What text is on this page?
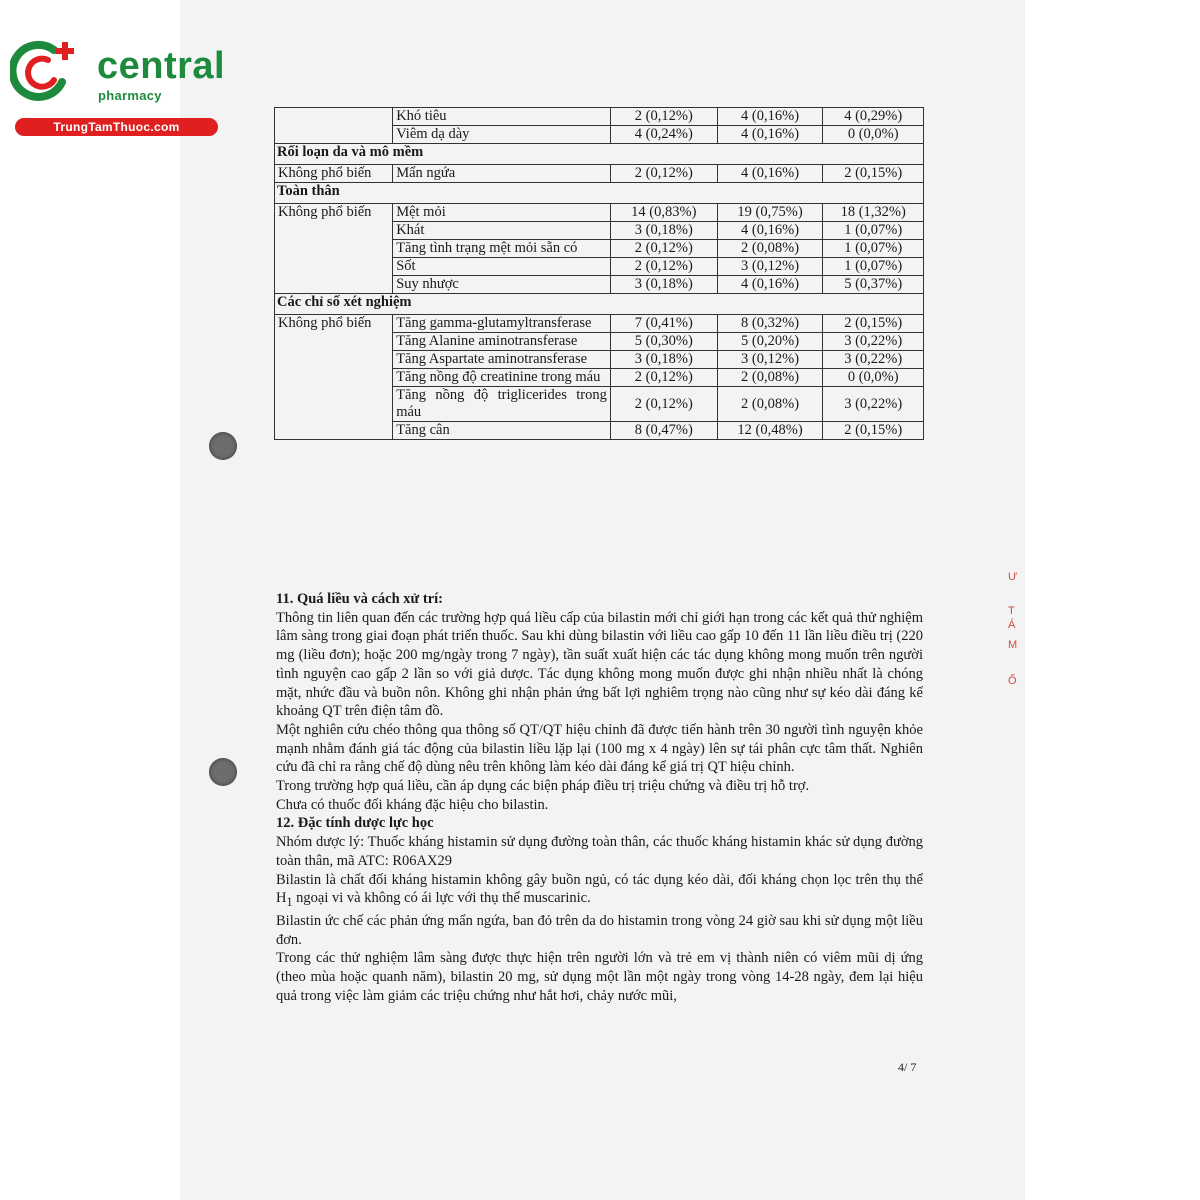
central
pharmacy
TrungTamThuoc.com
	Khó tiêu	2 (0,12%)	4 (0,16%)	4 (0,29%)
	Viêm dạ dày	4 (0,24%)	4 (0,16%)	0 (0,0%)
Rối loạn da và mô mềm				
Không phổ biến	Mẩn ngứa	2 (0,12%)	4 (0,16%)	2 (0,15%)
Toàn thân				
Không phổ biến	Mệt mỏi	14 (0,83%)	19 (0,75%)	18 (1,32%)
	Khát	3 (0,18%)	4 (0,16%)	1 (0,07%)
	Tăng tình trạng mệt mỏi sẵn có	2 (0,12%)	2 (0,08%)	1 (0,07%)
	Sốt	2 (0,12%)	3 (0,12%)	1 (0,07%)
	Suy nhược	3 (0,18%)	4 (0,16%)	5 (0,37%)
Các chỉ số xét nghiệm				
Không phổ biến	Tăng gamma-glutamyltransferase	7 (0,41%)	8 (0,32%)	2 (0,15%)
	Tăng Alanine aminotransferase	5 (0,30%)	5 (0,20%)	3 (0,22%)
	Tăng Aspartate aminotransferase	3 (0,18%)	3 (0,12%)	3 (0,22%)
	Tăng nồng độ creatinine trong máu	2 (0,12%)	2 (0,08%)	0 (0,0%)
	Tăng nồng độ triglicerides trong máu	2 (0,12%)	2 (0,08%)	3 (0,22%)
	Tăng cân	8 (0,47%)	12 (0,48%)	2 (0,15%)

11. Quá liều và cách xử trí:

Thông tin liên quan đến các trường hợp quá liều cấp của bilastin mới chỉ giới hạn trong các kết quả thử nghiệm lâm sàng trong giai đoạn phát triển thuốc. Sau khi dùng bilastin với liều cao gấp 10 đến 11 lần liều điều trị (220 mg (liều đơn); hoặc 200 mg/ngày trong 7 ngày), tần suất xuất hiện các tác dụng không mong muốn trên người tình nguyện cao gấp 2 lần so với giả dược. Tác dụng không mong muốn được ghi nhận nhiều nhất là chóng mặt, nhức đầu và buồn nôn. Không ghi nhận phản ứng bất lợi nghiêm trọng nào cũng như sự kéo dài đáng kể khoảng QT trên điện tâm đồ.

Một nghiên cứu chéo thông qua thông số QT/QT hiệu chỉnh đã được tiến hành trên 30 người tình nguyện khỏe mạnh nhằm đánh giá tác động của bilastin liều lặp lại (100 mg x 4 ngày) lên sự tái phân cực tâm thất. Nghiên cứu đã chỉ ra rằng chế độ dùng nêu trên không làm kéo dài đáng kể giá trị QT hiệu chỉnh.

Trong trường hợp quá liều, cần áp dụng các biện pháp điều trị triệu chứng và điều trị hỗ trợ.

Chưa có thuốc đối kháng đặc hiệu cho bilastin.

12. Đặc tính dược lực học

Nhóm dược lý: Thuốc kháng histamin sử dụng đường toàn thân, các thuốc kháng histamin khác sử dụng đường toàn thân, mã ATC: R06AX29

Bilastin là chất đối kháng histamin không gây buồn ngủ, có tác dụng kéo dài, đối kháng chọn lọc trên thụ thể $H_1$ ngoại vi và không có ái lực với thụ thể muscarinic.

Bilastin ức chế các phản ứng mẩn ngứa, ban đỏ trên da do histamin trong vòng 24 giờ sau khi sử dụng một liều đơn.

Trong các thử nghiệm lâm sàng được thực hiện trên người lớn và trẻ em vị thành niên có viêm mũi dị ứng (theo mùa hoặc quanh năm), bilastin 20 mg, sử dụng một lần một ngày trong vòng 14-28 ngày, đem lại hiệu quả trong việc làm giảm các triệu chứng như hắt hơi, chảy nước mũi,

4/ 7
Ư
T
Á
M
Ố
